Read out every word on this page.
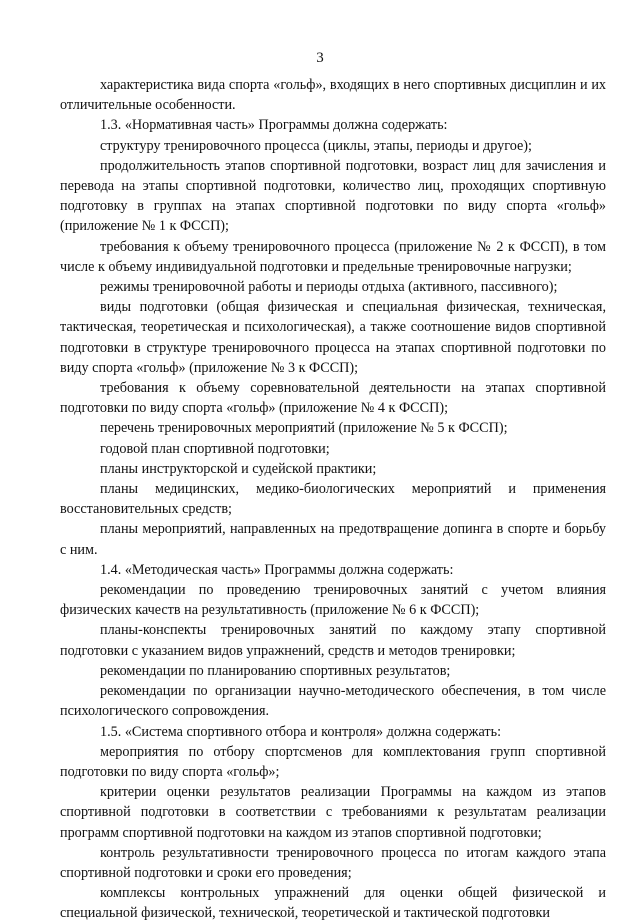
3

характеристика вида спорта «гольф», входящих в него спортивных дисциплин и их отличительные особенности.

1.3. «Нормативная часть» Программы должна содержать:

структуру тренировочного процесса (циклы, этапы, периоды и другое);

продолжительность этапов спортивной подготовки, возраст лиц для зачисления и перевода на этапы спортивной подготовки, количество лиц, проходящих спортивную подготовку в группах на этапах спортивной подготовки по виду спорта «гольф» (приложение № 1 к ФССП);

требования к объему тренировочного процесса (приложение № 2 к ФССП), в том числе к объему индивидуальной подготовки и предельные тренировочные нагрузки;

режимы тренировочной работы и периоды отдыха (активного, пассивного);

виды подготовки (общая физическая и специальная физическая, техническая, тактическая, теоретическая и психологическая), а также соотношение видов спортивной подготовки в структуре тренировочного процесса на этапах спортивной подготовки по виду спорта «гольф» (приложение № 3 к ФССП);

требования к объему соревновательной деятельности на этапах спортивной подготовки по виду спорта «гольф» (приложение № 4 к ФССП);

перечень тренировочных мероприятий (приложение № 5 к ФССП);

годовой план спортивной подготовки;

планы инструкторской и судейской практики;

планы медицинских, медико-биологических мероприятий и применения восстановительных средств;

планы мероприятий, направленных на предотвращение допинга в спорте и борьбу с ним.

1.4. «Методическая часть» Программы должна содержать:

рекомендации по проведению тренировочных занятий с учетом влияния физических качеств на результативность (приложение № 6 к ФССП);

планы-конспекты тренировочных занятий по каждому этапу спортивной подготовки с указанием видов упражнений, средств и методов тренировки;

рекомендации по планированию спортивных результатов;

рекомендации по организации научно-методического обеспечения, в том числе психологического сопровождения.

1.5. «Система спортивного отбора и контроля» должна содержать:

мероприятия по отбору спортсменов для комплектования групп спортивной подготовки по виду спорта «гольф»;

критерии оценки результатов реализации Программы на каждом из этапов спортивной подготовки в соответствии с требованиями к результатам реализации программ спортивной подготовки на каждом из этапов спортивной подготовки;

контроль результативности тренировочного процесса по итогам каждого этапа спортивной подготовки и сроки его проведения;

комплексы контрольных упражнений для оценки общей физической и специальной физической, технической, теоретической и тактической подготовки
